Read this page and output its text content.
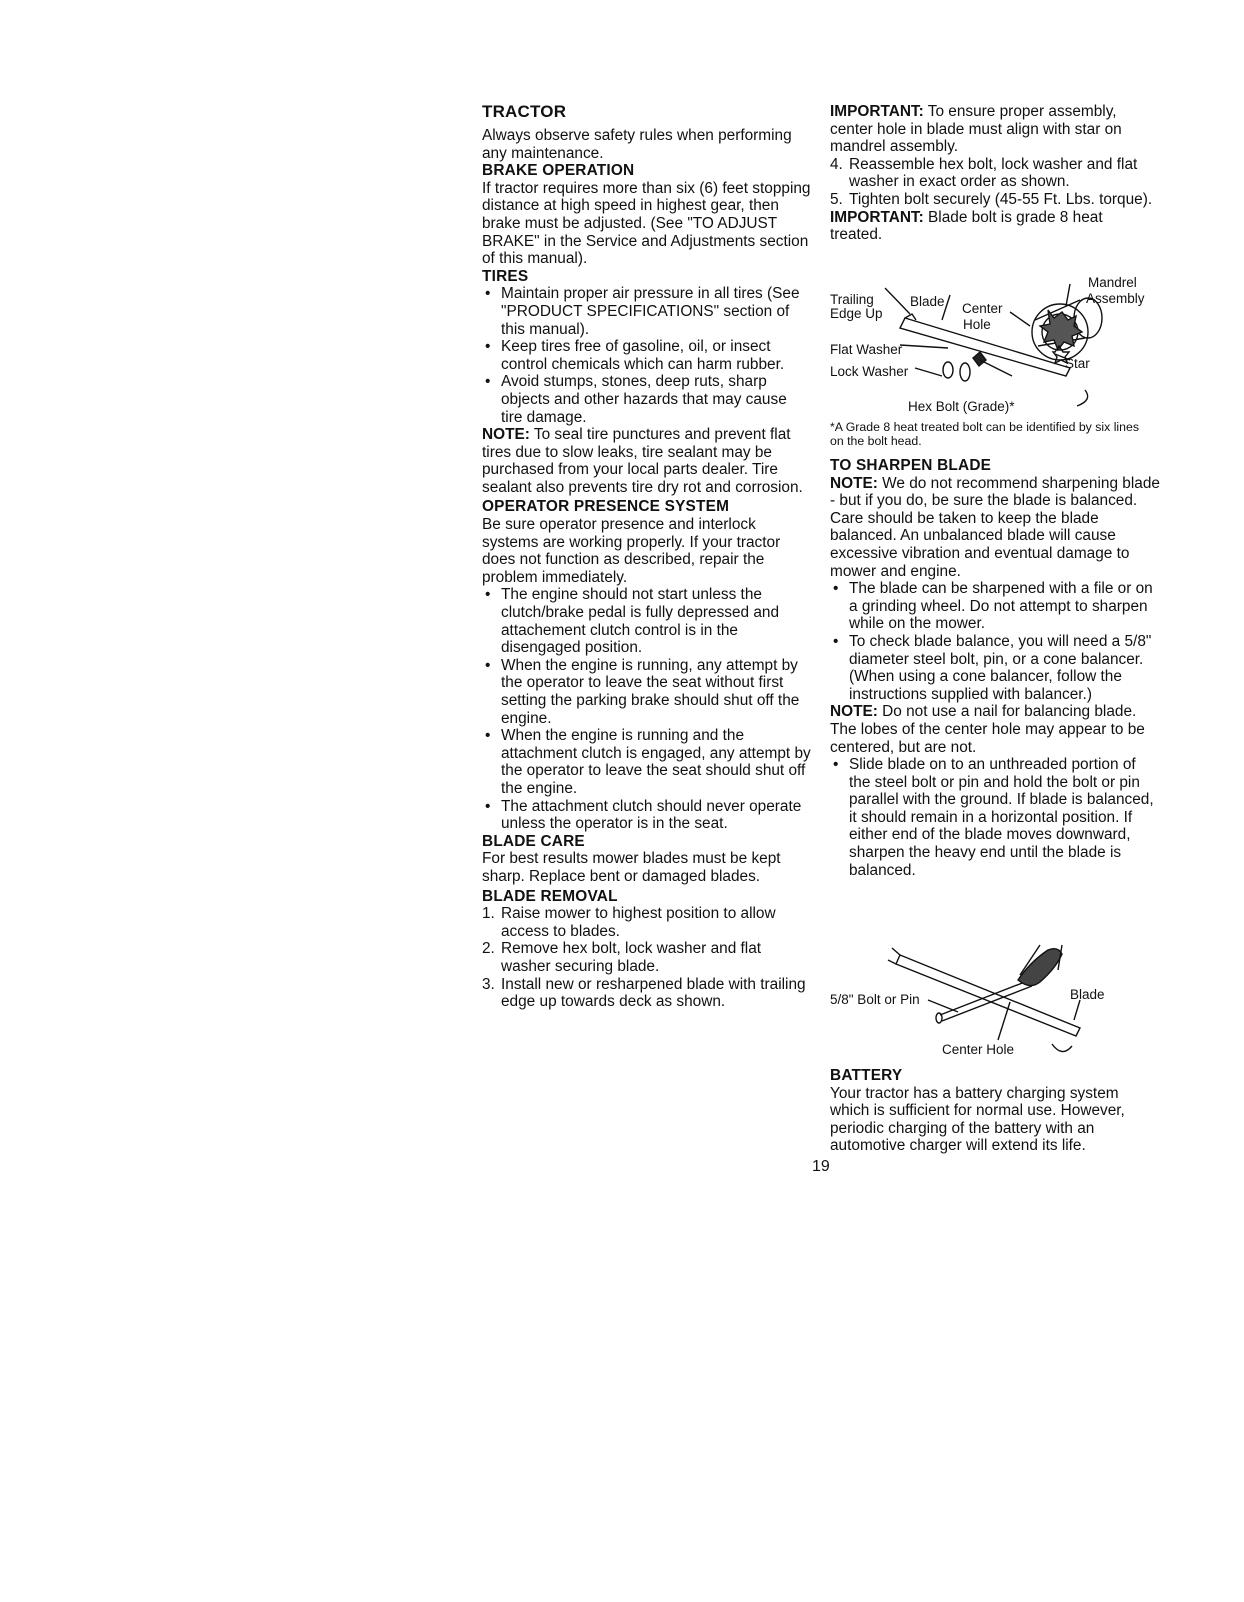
TRACTOR

Always observe safety rules when performing any maintenance.

BRAKE OPERATION

If tractor requires more than six (6) feet stopping distance at high speed in highest gear, then brake must be adjusted. (See "TO ADJUST BRAKE" in the Service and Adjustments section of this manual).

TIRES

• Maintain proper air pressure in all tires (See "PRODUCT SPECIFICATIONS" section of this manual).

• Keep tires free of gasoline, oil, or insect control chemicals which can harm rubber.

• Avoid stumps, stones, deep ruts, sharp objects and other hazards that may cause tire damage.

NOTE: To seal tire punctures and prevent flat tires due to slow leaks, tire sealant may be purchased from your local parts dealer. Tire sealant also prevents tire dry rot and corrosion.

OPERATOR PRESENCE SYSTEM

Be sure operator presence and interlock systems are working properly. If your tractor does not function as described, repair the problem immediately.

• The engine should not start unless the clutch/brake pedal is fully depressed and attachement clutch control is in the disengaged position.

• When the engine is running, any attempt by the operator to leave the seat without first setting the parking brake should shut off the engine.

• When the engine is running and the attachment clutch is engaged, any attempt by the operator to leave the seat should shut off the engine.

• The attachment clutch should never operate unless the operator is in the seat.

BLADE CARE

For best results mower blades must be kept sharp. Replace bent or damaged blades.

BLADE REMOVAL

1. Raise mower to highest position to allow access to blades.

2. Remove hex bolt, lock washer and flat washer securing blade.

3. Install new or resharpened blade with trailing edge up towards deck as shown.

IMPORTANT: To ensure proper assembly, center hole in blade must align with star on mandrel assembly.

4. Reassemble hex bolt, lock washer and flat washer in exact order as shown.

5. Tighten bolt securely (45-55 Ft. Lbs. torque).

IMPORTANT: Blade bolt is grade 8 heat treated.

Mandrel
Assembly
Trailing
Edge Up
Blade Center
Hole
Flat Washer
Star
Lock Washer
Hex Bolt (Grade)*
*A Grade 8 heat treated bolt can be identified by six lines on the bolt head.

TO SHARPEN BLADE

NOTE: We do not recommend sharpening blade - but if you do, be sure the blade is balanced.

Care should be taken to keep the blade balanced. An unbalanced blade will cause excessive vibration and eventual damage to mower and engine.

• The blade can be sharpened with a file or on a grinding wheel. Do not attempt to sharpen while on the mower.

• To check blade balance, you will need a 5/8" diameter steel bolt, pin, or a cone balancer. (When using a cone balancer, follow the instructions supplied with balancer.)

NOTE: Do not use a nail for balancing blade. The lobes of the center hole may appear to be centered, but are not.

• Slide blade on to an unthreaded portion of the steel bolt or pin and hold the bolt or pin parallel with the ground. If blade is balanced, it should remain in a horizontal position. If either end of the blade moves downward, sharpen the heavy end until the blade is balanced.

5/8" Bolt or Pin	Blade
Center Hole

BATTERY

Your tractor has a battery charging system which is sufficient for normal use. However, periodic charging of the battery with an automotive charger will extend its life.

19
